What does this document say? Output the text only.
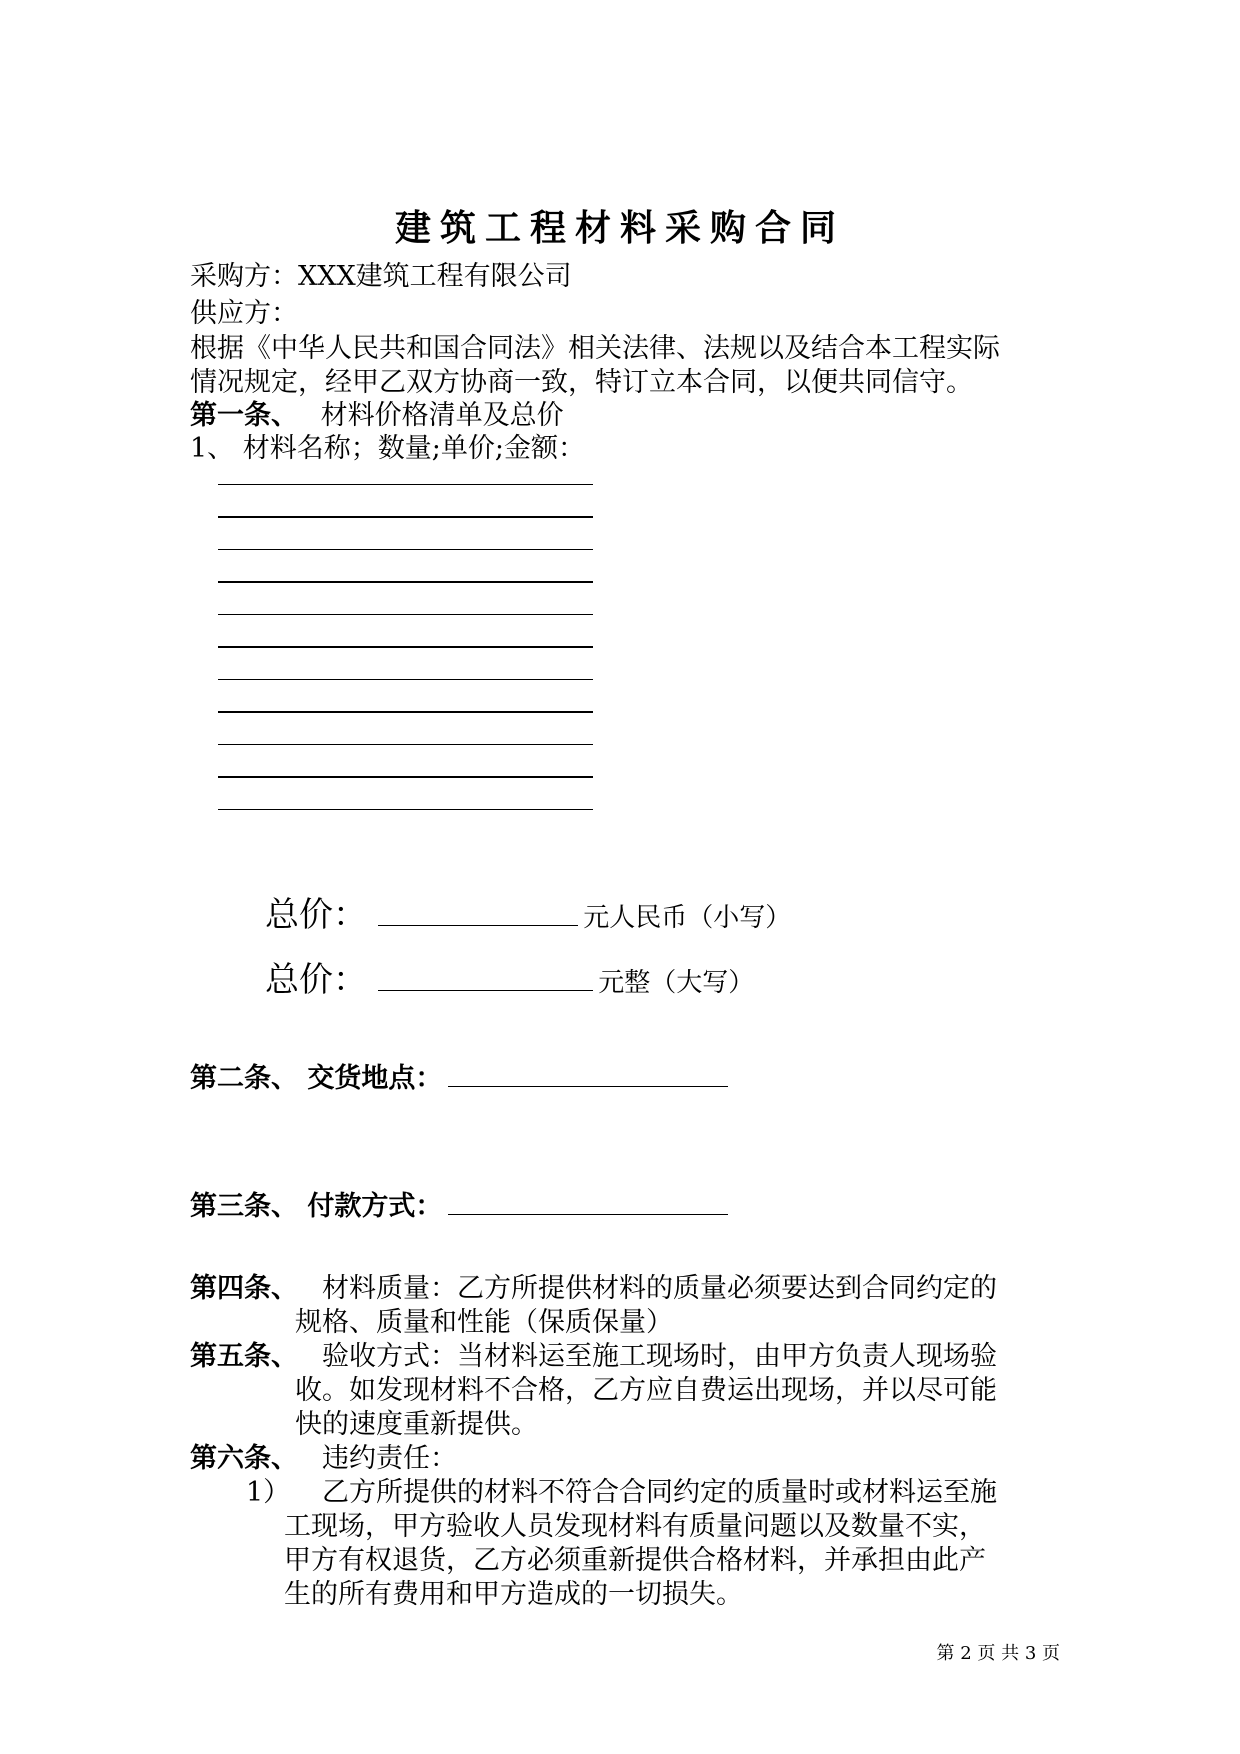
建筑工程材料采购合同
采购方：XXX建筑工程有限公司
供应方：
根据《中华人民共和国合同法》相关法律、法规以及结合本工程实际
情况规定，经甲乙双方协商一致，特订立本合同，以便共同信守。
第一条、 材料价格清单及总价
1、 材料名称；数量;单价;金额：
总价：	元人民币（小写）
总价：	元整（大写）
第二条、 交货地点：
第三条、 付款方式：
第四条、 材料质量：乙方所提供材料的质量必须要达到合同约定的
规格、质量和性能（保质保量）
第五条、 验收方式：当材料运至施工现场时，由甲方负责人现场验
收。如发现材料不合格，乙方应自费运出现场，并以尽可能
快的速度重新提供。
第六条、 违约责任：
1） 乙方所提供的材料不符合合同约定的质量时或材料运至施
工现场，甲方验收人员发现材料有质量问题以及数量不实，
甲方有权退货，乙方必须重新提供合格材料，并承担由此产
生的所有费用和甲方造成的一切损失。
第 2 页 共 3 页
